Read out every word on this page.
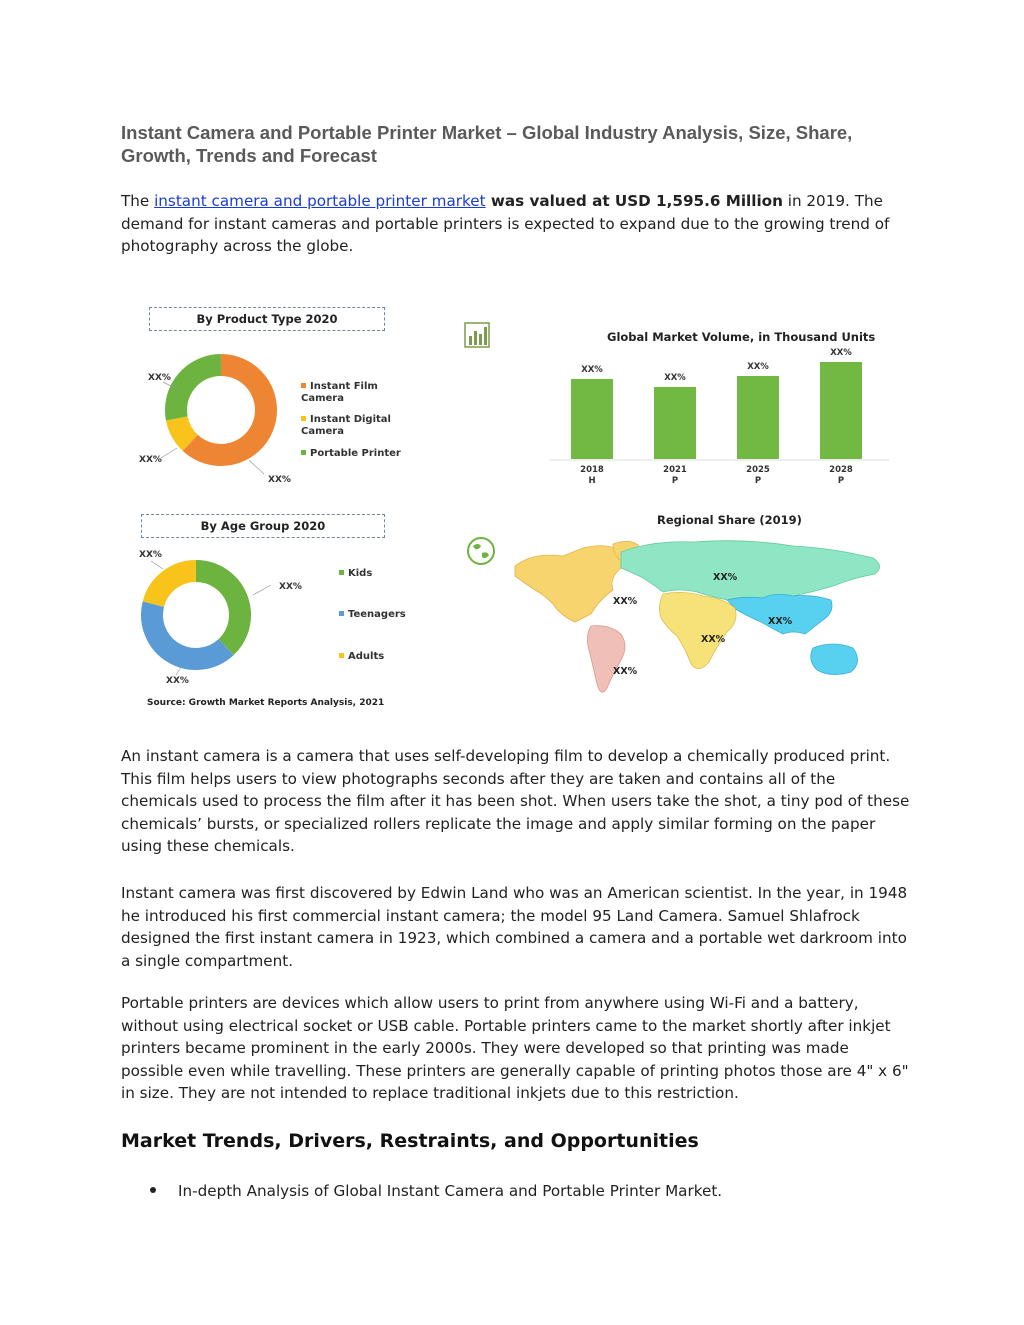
Instant Camera and Portable Printer Market – Global Industry Analysis, Size, Share, Growth, Trends and Forecast

The instant camera and portable printer market was valued at USD 1,595.6 Million in 2019. The demand for instant cameras and portable printers is expected to expand due to the growing trend of photography across the globe.

By Product Type 2020
XX%
XX%
XX%
Instant Film Camera
Instant Digital Camera
Portable Printer
By Age Group 2020
XX%
XX%
XX%
Kids
Teenagers
Adults
Global Market Volume, in Thousand Units
XX%
2018
H
XX%
2021
P
XX%
2025
P
XX%
2028
P
Regional Share (2019)
XX%
XX%
XX%
XX%
XX%
Source: Growth Market Reports Analysis, 2021

An instant camera is a camera that uses self-developing film to develop a chemically produced print. This film helps users to view photographs seconds after they are taken and contains all of the chemicals used to process the film after it has been shot. When users take the shot, a tiny pod of these chemicals’ bursts, or specialized rollers replicate the image and apply similar forming on the paper using these chemicals.

Instant camera was first discovered by Edwin Land who was an American scientist. In the year, in 1948 he introduced his first commercial instant camera; the model 95 Land Camera. Samuel Shlafrock designed the first instant camera in 1923, which combined a camera and a portable wet darkroom into a single compartment.

Portable printers are devices which allow users to print from anywhere using Wi-Fi and a battery, without using electrical socket or USB cable. Portable printers came to the market shortly after inkjet printers became prominent in the early 2000s. They were developed so that printing was made possible even while travelling. These printers are generally capable of printing photos those are 4" x 6" in size. They are not intended to replace traditional inkjets due to this restriction.

Market Trends, Drivers, Restraints, and Opportunities
In-depth Analysis of Global Instant Camera and Portable Printer Market.
